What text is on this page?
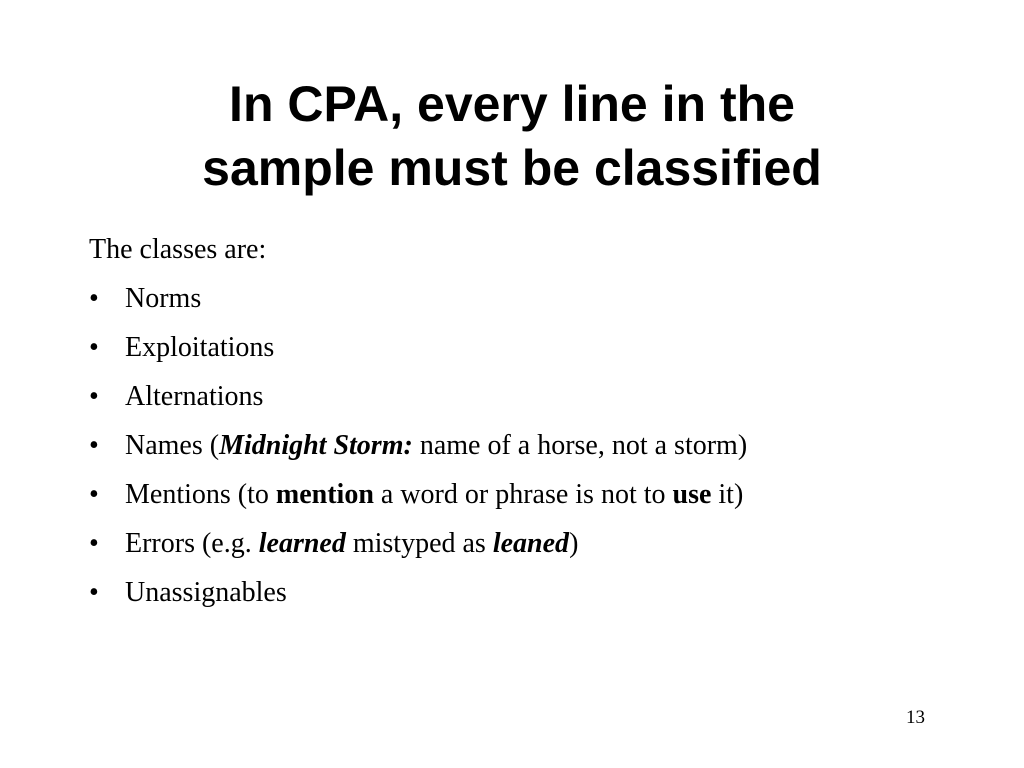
In CPA, every line in the
sample must be classified

The classes are:

• Norms
• Exploitations
• Alternations
• Names (Midnight Storm: name of a horse, not a storm)
• Mentions (to mention a word or phrase is not to use it)
• Errors (e.g. learned mistyped as leaned)
• Unassignables
13
